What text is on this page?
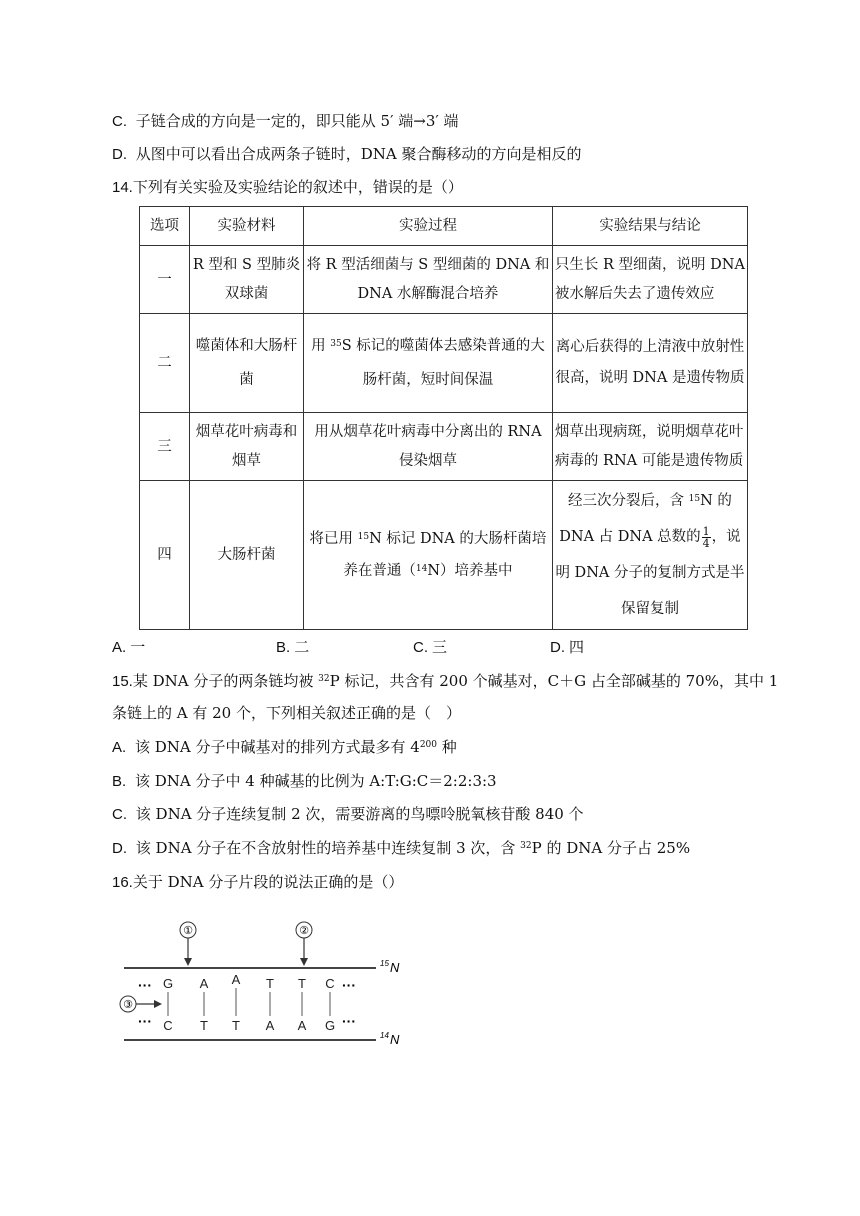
C. 子链合成的方向是一定的，即只能从 5′ 端→3′ 端
D. 从图中可以看出合成两条子链时，DNA 聚合酶移动的方向是相反的
14.下列有关实验及实验结论的叙述中，错误的是（）
选项	实验材料	实验过程	实验结果与结论
一	R 型和 S 型肺炎双球菌	将 R 型活细菌与 S 型细菌的 DNA 和 DNA 水解酶混合培养	只生长 R 型细菌，说明 DNA 被水解后失去了遗传效应
二	噬菌体和大肠杆菌	用 $^{35}$S 标记的噬菌体去感染普通的大肠杆菌，短时间保温	离心后获得的上清液中放射性很高，说明 DNA 是遗传物质
三	烟草花叶病毒和烟草	用从烟草花叶病毒中分离出的 RNA 侵染烟草	烟草出现病斑，说明烟草花叶病毒的 RNA 可能是遗传物质
四	大肠杆菌	将已用 $^{15}$N 标记 DNA 的大肠杆菌培养在普通（$^{14}$N）培养基中	经三次分裂后，含 $^{15}$N 的 DNA 占 DNA 总数的 $\frac{1}{4}$ ，说明 DNA 分子的复制方式是半保留复制
A. 一	B. 二	C. 三	D. 四
15.某 DNA 分子的两条链均被 $^{32}$P 标记，共含有 200 个碱基对，C＋G 占全部碱基的 70%，其中 1
条链上的 A 有 20 个，下列相关叙述正确的是（　）
A. 该 DNA 分子中碱基对的排列方式最多有 $4^{200}$ 种
B. 该 DNA 分子中 4 种碱基的比例为 A:T:G:C＝2:2:3:3
C. 该 DNA 分子连续复制 2 次，需要游离的鸟嘌呤脱氧核苷酸 840 个
D. 该 DNA 分子在不含放射性的培养基中连续复制 3 次，含 $^{32}$P 的 DNA 分子占 25%
16.关于 DNA 分子片段的说法正确的是（）
①	②
③
···
···
···
···
G
C
A
T
A
T
T
A
T
A
C
G
15 N
14 N
